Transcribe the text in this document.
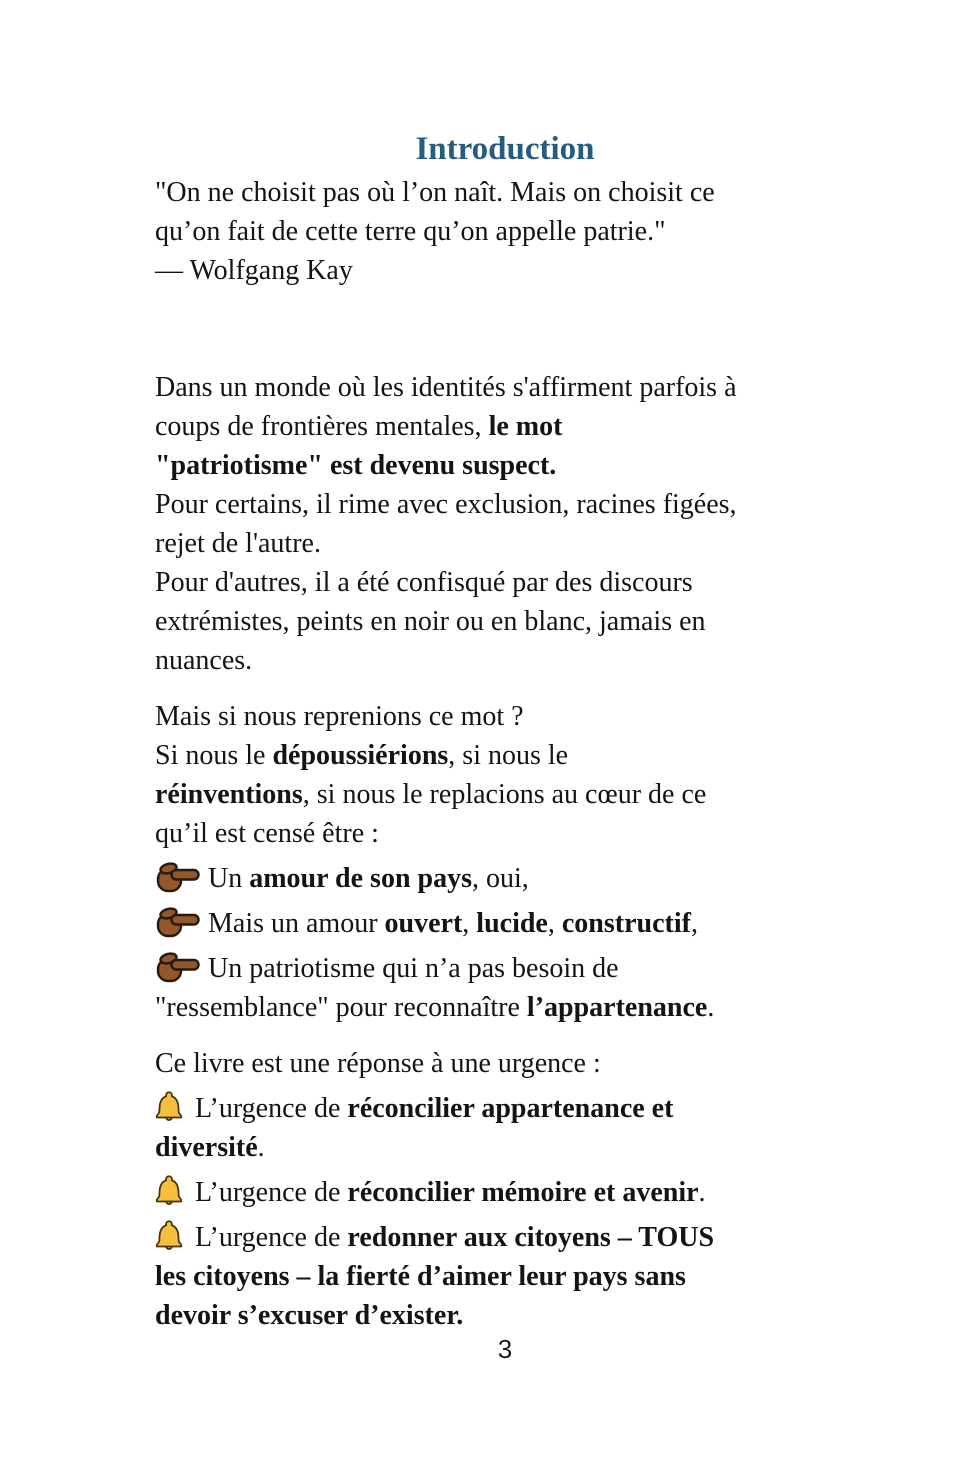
Introduction
"On ne choisit pas où l’on naît. Mais on choisit ce
qu’on fait de cette terre qu’on appelle patrie."
— Wolfgang Kay
Dans un monde où les identités s'affirment parfois à
coups de frontières mentales, le mot
"patriotisme" est devenu suspect.
Pour certains, il rime avec exclusion, racines figées,
rejet de l'autre.
Pour d'autres, il a été confisqué par des discours
extrémistes, peints en noir ou en blanc, jamais en
nuances.
Mais si nous reprenions ce mot ?
Si nous le dépoussiérions, si nous le
réinventions, si nous le replacions au cœur de ce
qu’il est censé être :
Un amour de son pays, oui,
Mais un amour ouvert, lucide, constructif,
Un patriotisme qui n’a pas besoin de
"ressemblance" pour reconnaître l’appartenance.
Ce livre est une réponse à une urgence :
L’urgence de réconcilier appartenance et
diversité.
L’urgence de réconcilier mémoire et avenir.
L’urgence de redonner aux citoyens – TOUS
les citoyens – la fierté d’aimer leur pays sans
devoir s’excuser d’exister.
3
